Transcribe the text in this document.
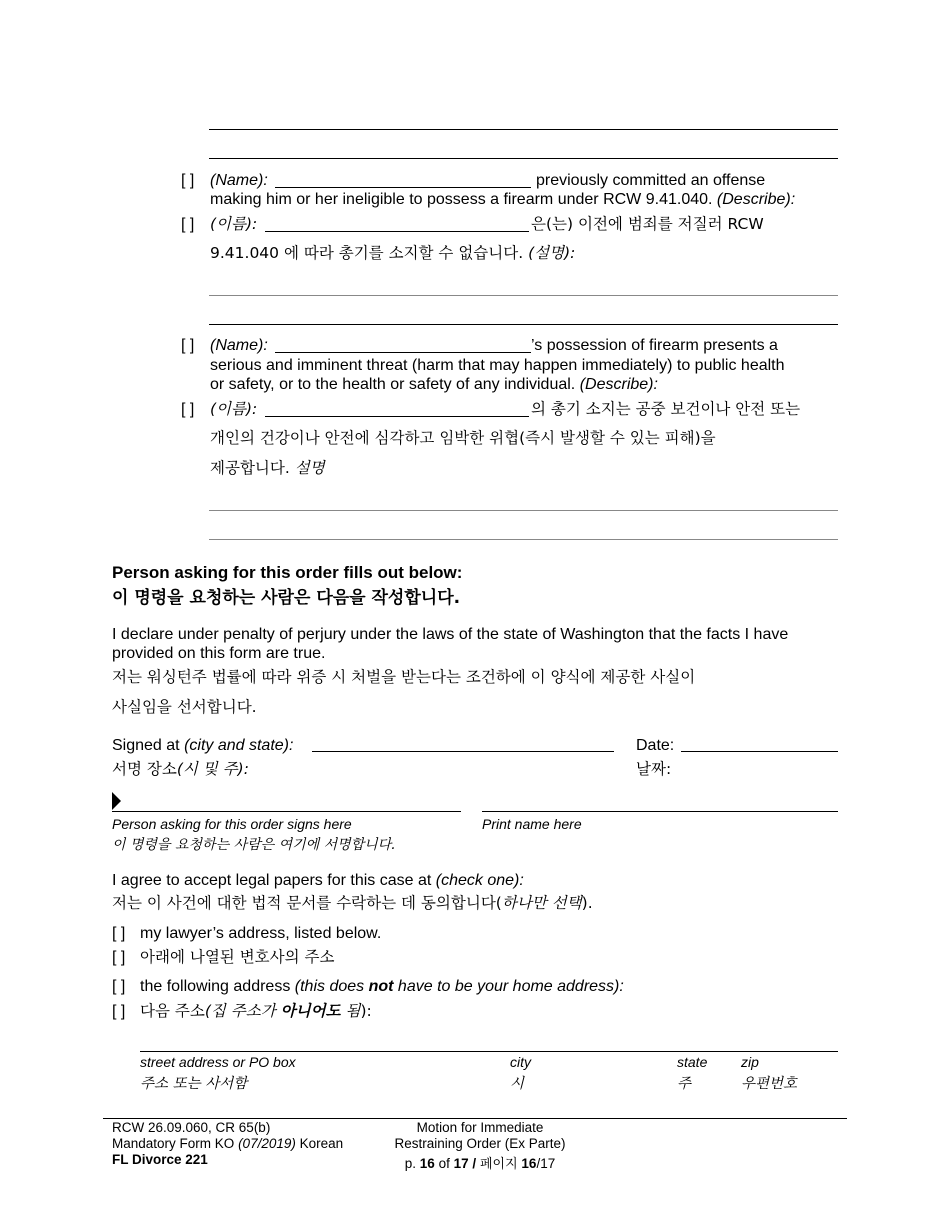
[ ] (Name):	previously committed an offense
making him or her ineligible to possess a firearm under RCW 9.41.040. (Describe):
[ ] (이름):	은(는) 이전에 범죄를 저질러 RCW
9.41.040 에 따라 총기를 소지할 수 없습니다. (설명):
[ ] (Name):	’s possession of firearm presents a
serious and imminent threat (harm that may happen immediately) to public health
or safety, or to the health or safety of any individual. (Describe):
[ ] (이름):	의 총기 소지는 공중 보건이나 안전 또는
개인의 건강이나 안전에 심각하고 임박한 위협(즉시 발생할 수 있는 피해)을
제공합니다. 설명
Person asking for this order fills out below:
이 명령을 요청하는 사람은 다음을 작성합니다.
I declare under penalty of perjury under the laws of the state of Washington that the facts I have
provided on this form are true.
저는 워싱턴주 법률에 따라 위증 시 처벌을 받는다는 조건하에 이 양식에 제공한 사실이
사실임을 선서합니다.
Signed at (city and state):	Date:
서명 장소(시 및 주):	날짜:
Person asking for this order signs here	Print name here
이 명령을 요청하는 사람은 여기에 서명합니다.
I agree to accept legal papers for this case at (check one):
저는 이 사건에 대한 법적 문서를 수락하는 데 동의합니다(하나만 선택).
[ ] my lawyer’s address, listed below.
[ ] 아래에 나열된 변호사의 주소
[ ] the following address (this does not have to be your home address):
[ ] 다음 주소(집 주소가 아니어도 됨):
street address or PO box	city	state zip
주소 또는 사서함	시	주	우편번호
RCW 26.09.060, CR 65(b)
Mandatory Form KO (07/2019) Korean
FL Divorce 221
Motion for Immediate
Restraining Order (Ex Parte)
p. 16 of 17 / 페이지 16/17
